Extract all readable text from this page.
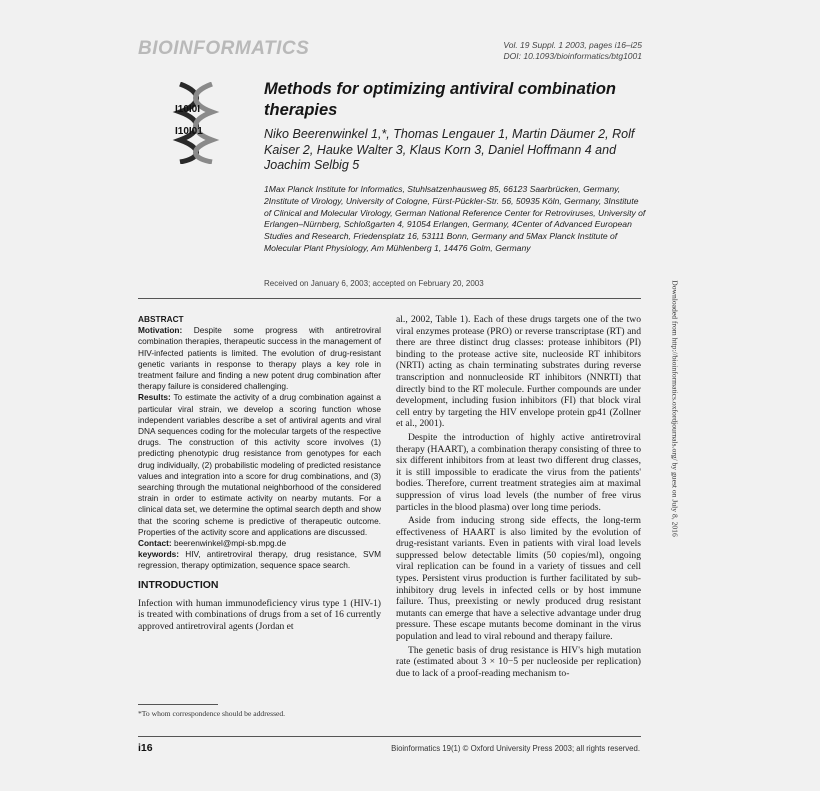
BIOINFORMATICS	Vol. 19 Suppl. 1 2003, pages i16–i25
DOI: 10.1093/bioinformatics/btg1001
I10I0I
I10I01
Methods for optimizing antiviral combination therapies
Niko Beerenwinkel 1,*, Thomas Lengauer 1, Martin Däumer 2, Rolf Kaiser 2, Hauke Walter 3, Klaus Korn 3, Daniel Hoffmann 4 and Joachim Selbig 5
1Max Planck Institute for Informatics, Stuhlsatzenhausweg 85, 66123 Saarbrücken, Germany, 2Institute of Virology, University of Cologne, Fürst-Pückler-Str. 56, 50935 Köln, Germany, 3Institute of Clinical and Molecular Virology, German National Reference Center for Retroviruses, University of Erlangen–Nürnberg, Schloßgarten 4, 91054 Erlangen, Germany, 4Center of Advanced European Studies and Research, Friedensplatz 16, 53111 Bonn, Germany and 5Max Planck Institute of Molecular Plant Physiology, Am Mühlenberg 1, 14476 Golm, Germany
Received on January 6, 2003; accepted on February 20, 2003

ABSTRACT

Motivation: Despite some progress with antiretroviral combination therapies, therapeutic success in the management of HIV-infected patients is limited. The evolution of drug-resistant genetic variants in response to therapy plays a key role in treatment failure and finding a new potent drug combination after therapy failure is considered challenging.

Results: To estimate the activity of a drug combination against a particular viral strain, we develop a scoring function whose independent variables describe a set of antiviral agents and viral DNA sequences coding for the molecular targets of the respective drugs. The construction of this activity score involves (1) predicting phenotypic drug resistance from genotypes for each drug individually, (2) probabilistic modeling of predicted resistance values and integration into a score for drug combinations, and (3) searching through the mutational neighborhood of the considered strain in order to estimate activity on nearby mutants. For a clinical data set, we determine the optimal search depth and show that the scoring scheme is predictive of therapeutic outcome. Properties of the activity score and applications are discussed.

Contact: beerenwinkel@mpi-sb.mpg.de

keywords: HIV, antiretroviral therapy, drug resistance, SVM regression, therapy optimization, sequence space search.

INTRODUCTION

Infection with human immunodeficiency virus type 1 (HIV-1) is treated with combinations of drugs from a set of 16 currently approved antiretroviral agents (Jordan et

al., 2002, Table 1). Each of these drugs targets one of the two viral enzymes protease (PRO) or reverse transcriptase (RT) and there are three distinct drug classes: protease inhibitors (PI) binding to the protease active site, nucleoside RT inhibitors (NRTI) acting as chain terminating substrates during reverse transcription and nonnucleoside RT inhibitors (NNRTI) that directly bind to the RT molecule. Further compounds are under development, including fusion inhibitors (FI) that block viral cell entry by targeting the HIV envelope protein gp41 (Zollner et al., 2001).

Despite the introduction of highly active antiretroviral therapy (HAART), a combination therapy consisting of three to six different inhibitors from at least two different drug classes, it is still impossible to eradicate the virus from the patients' bodies. Therefore, current treatment strategies aim at maximal suppression of virus load levels (the number of free virus particles in the blood plasma) over long time periods.

Aside from inducing strong side effects, the long-term effectiveness of HAART is also limited by the evolution of drug-resistant variants. Even in patients with viral load levels suppressed below detectable limits (50 copies/ml), ongoing viral replication can be found in a variety of tissues and cell types. Persistent virus production is further facilitated by sub-inhibitory drug levels in infected cells or by host immune failure. Thus, preexisting or newly produced drug resistant mutants can emerge that have a selective advantage under drug pressure. These escape mutants become dominant in the virus population and lead to viral rebound and therapy failure.

The genetic basis of drug resistance is HIV's high mutation rate (estimated about 3 × 10−5 per nucleoside per replication) due to lack of a proof-reading mechanism to-

*To whom correspondence should be addressed.
i16	Bioinformatics 19(1) © Oxford University Press 2003; all rights reserved.
Downloaded from http://bioinformatics.oxfordjournals.org/ by guest on July 8, 2016
